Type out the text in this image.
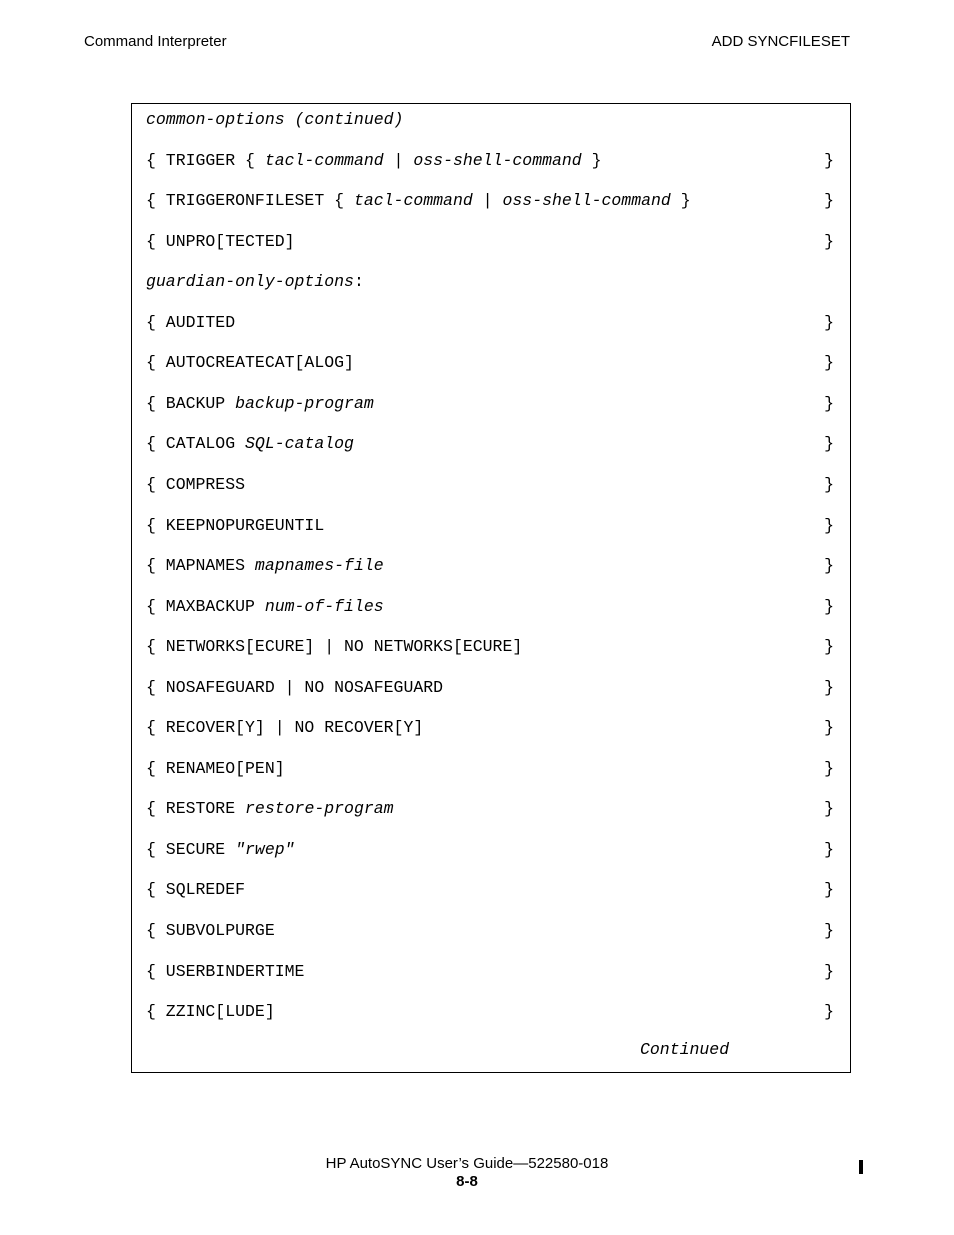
Command Interpreter	ADD SYNCFILESET
Continued
common-options (continued)
{ TRIGGER { tacl-command | oss-shell-command }	}
{ TRIGGERONFILESET { tacl-command | oss-shell-command }	}
{ UNPRO[TECTED]	}
guardian-only-options:
{ AUDITED	}
{ AUTOCREATECAT[ALOG]	}
{ BACKUP backup-program	}
{ CATALOG SQL-catalog	}
{ COMPRESS	}
{ KEEPNOPURGEUNTIL	}
{ MAPNAMES mapnames-file	}
{ MAXBACKUP num-of-files	}
{ NETWORKS[ECURE] | NO NETWORKS[ECURE]	}
{ NOSAFEGUARD | NO NOSAFEGUARD	}
{ RECOVER[Y] | NO RECOVER[Y]	}
{ RENAMEO[PEN]	}
{ RESTORE restore-program	}
{ SECURE "rwep"	}
{ SQLREDEF	}
{ SUBVOLPURGE	}
{ USERBINDERTIME	}
{ ZZINC[LUDE]	}
HP AutoSYNC User’s Guide—522580-018
8-8
